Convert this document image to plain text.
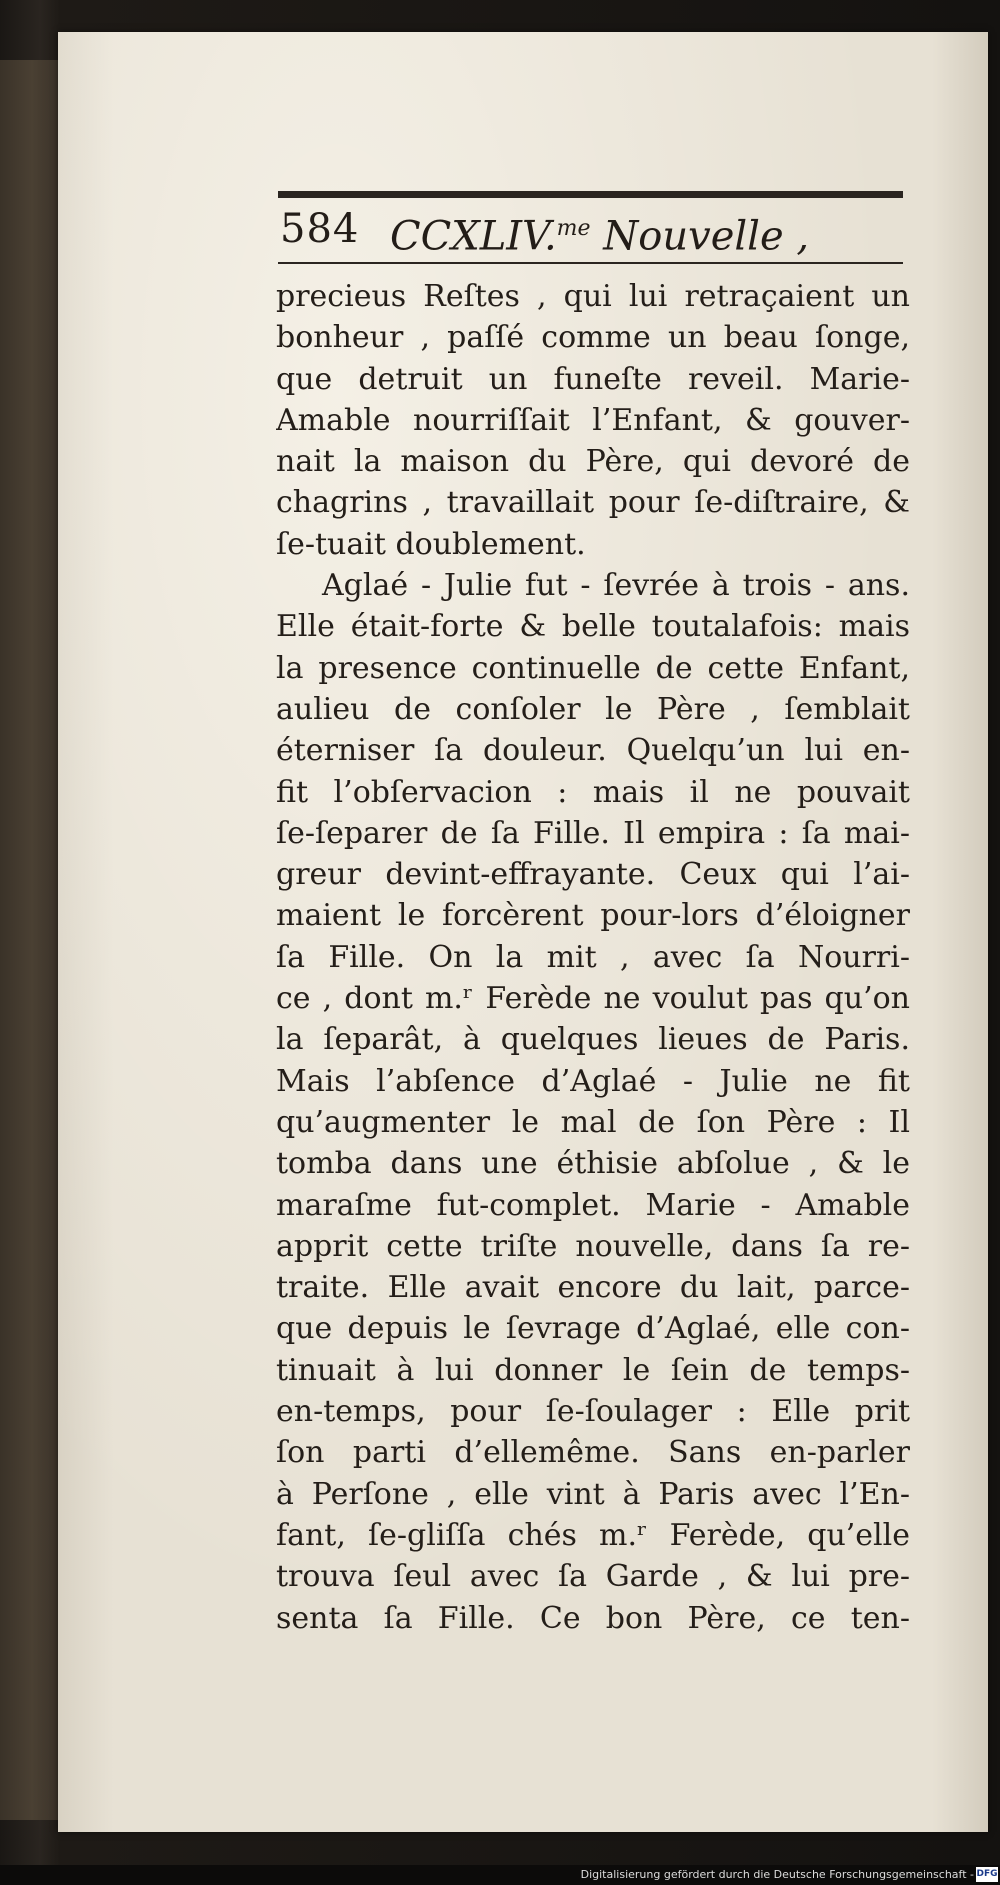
584 CCXLIV.$^{me}$ Nouvelle ,
precieus Reſtes , qui lui retraçaient un
bonheur , paſſé comme un beau ſonge,
que detruit un funeſte reveil. Marie-
Amable nourriſſait l’Enfant, & gouver-
nait la maison du Père, qui devoré de
chagrins , travaillait pour ſe-diſtraire, &
ſe-tuait doublement.
Aglaé - Julie fut - ſevrée à trois - ans.
Elle était-forte & belle toutalafois: mais
la presence continuelle de cette Enfant,
aulieu de conſoler le Père , ſemblait
éterniser ſa douleur. Quelqu’un lui en-
fit l’obſervacion : mais il ne pouvait
ſe-ſeparer de ſa Fille. Il empira : ſa mai-
greur devint-effrayante. Ceux qui l’ai-
maient le forcèrent pour-lors d’éloigner
ſa Fille. On la mit , avec ſa Nourri-
ce , dont m.ʳ Ferède ne voulut pas qu’on
la ſeparât, à quelques lieues de Paris.
Mais l’abſence d’Aglaé - Julie ne fit
qu’augmenter le mal de ſon Père : Il
tomba dans une éthisie abſolue , & le
maraſme fut-complet. Marie - Amable
apprit cette triſte nouvelle, dans ſa re-
traite. Elle avait encore du lait, parce-
que depuis le ſevrage d’Aglaé, elle con-
tinuait à lui donner le ſein de temps-
en-temps, pour ſe-ſoulager : Elle prit
ſon parti d’ellemême. Sans en-parler
à Perſone , elle vint à Paris avec l’En-
fant, ſe-gliſſa chés m.ʳ Ferède, qu’elle
trouva ſeul avec ſa Garde , & lui pre-
senta ſa Fille. Ce bon Père, ce ten-
Digitalisierung gefördert durch die Deutsche Forschungsgemeinschaft - DFG
